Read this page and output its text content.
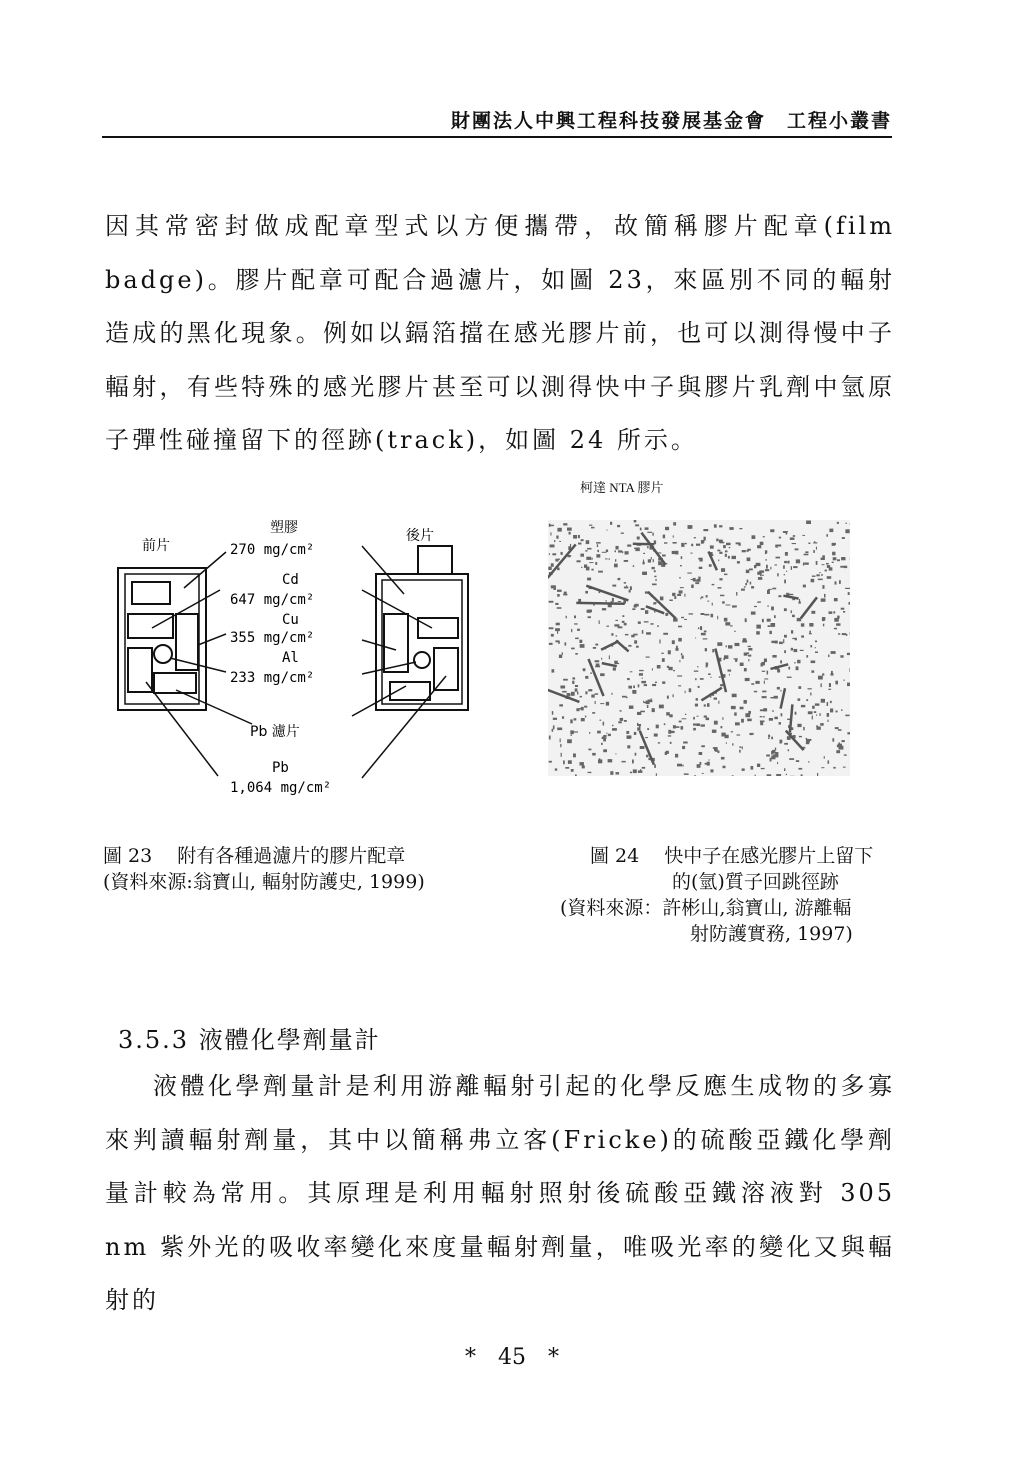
財團法人中興工程科技發展基金會　工程小叢書

因其常密封做成配章型式以方便攜帶，故簡稱膠片配章(film badge)。膠片配章可配合過濾片，如圖 23，來區別不同的輻射造成的黑化現象。例如以鎘箔擋在感光膠片前，也可以測得慢中子輻射，有些特殊的感光膠片甚至可以測得快中子與膠片乳劑中氫原子彈性碰撞留下的徑跡(track)，如圖 24 所示。

前片
後片
塑膠
270 mg/cm²
Cd
647 mg/cm²
Cu
355 mg/cm²
Al
233 mg/cm²
Pb 濾片
Pb
1,064 mg/cm²
柯達 NTA 膠片
圖 23　 附有各種過濾片的膠片配章
(資料來源:翁寶山, 輻射防護史, 1999)
圖 24　 快中子在感光膠片上留下
的(氫)質子回跳徑跡
(資料來源：許彬山,翁寶山, 游離輻
射防護實務, 1997)
3.5.3 液體化學劑量計

液體化學劑量計是利用游離輻射引起的化學反應生成物的多寡來判讀輻射劑量，其中以簡稱弗立客(Fricke)的硫酸亞鐵化學劑量計較為常用。其原理是利用輻射照射後硫酸亞鐵溶液對 305 nm 紫外光的吸收率變化來度量輻射劑量，唯吸光率的變化又與輻射的

*　45　*
